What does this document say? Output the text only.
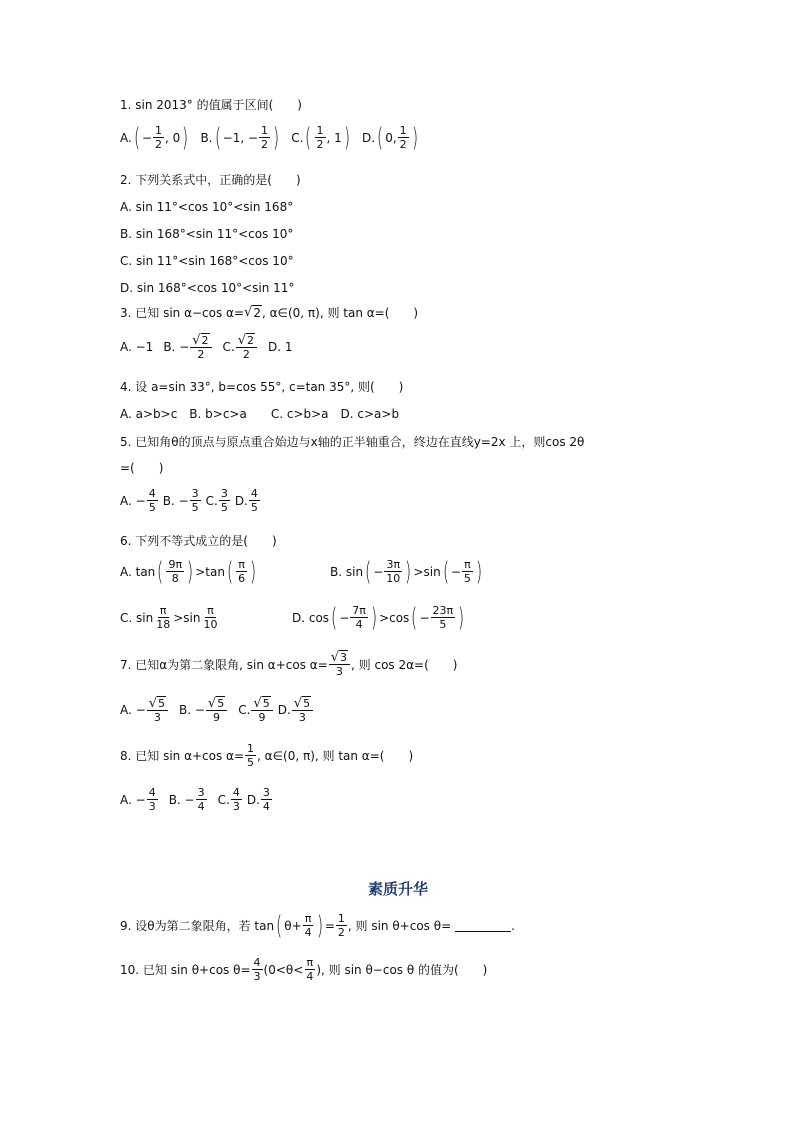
1. sin 2013° 的值属于区间(　　)
A. ( − $\frac{1}{2}$ , 0 ) B. ( −1, − $\frac{1}{2}$ ) C. ( $\frac{1}{2}$ , 1 ) D. ( 0, $\frac{1}{2}$ )
2. 下列关系式中，正确的是(　　)
A. sin 11°<cos 10°<sin 168°
B. sin 168°<sin 11°<cos 10°
C. sin 11°<sin 168°<cos 10°
D. sin 168°<cos 10°<sin 11°
3. 已知 sin α−cos α= √ 2 , α∈(0, π), 则 tan α=(　　)
A. −1 B. − $\frac{√2}{2} C$. $\frac{√2}{2} D$. 1
4. 设 a=sin 33°, b=cos 55°, c=tan 35°, 则(　　)
A. a>b>c　B. b>c>a　　C. c>b>a　D. c>a>b
5. 已知角θ的顶点与原点重合始边与x轴的正半轴重合，终边在直线y=2x 上，则cos 2θ
=(　　)
A. − $\frac{4}{5} B$. − $\frac{3}{5} C$. $\frac{3}{5} D$. $\frac{4}{5}$
6. 下列不等式成立的是(　　)
A. tan ( $\frac{9\pi}{8}$ ) >tan ( $\frac{\pi}{6}$ )	B. sin ( − $\frac{3\pi}{10}$ ) >sin ( − $\frac{\pi}{5}$ )
C. $\sin \frac{\pi}{18} >\sin \frac{\pi}{10}$	D. cos ( − $\frac{7\pi}{4}$ ) >cos ( − $\frac{23\pi}{5}$ )
7. 已知α为第二象限角, sin α+cos $\alpha= \frac{√3}{3}$ , 则 cos 2α=(　　)
A. − $\frac{√5}{3} B$. − $\frac{√5}{9} C$. $\frac{√5}{9} D$. $\frac{√5}{3}$
8. 已知 sin α+cos $\alpha= \frac{1}{5}$ , α∈(0, π), 则 tan α=(　　)
A. − $\frac{4}{3} B$. − $\frac{3}{4} C$. $\frac{4}{3} D$. $\frac{3}{4}$
素质升华
9. 设θ为第二象限角，若 tan ( $\theta+ \frac{\pi}{4}$ ) = $\frac{1}{2}$ , 则 sin θ+cos θ=	.
10. 已知 sin θ+cos $\theta= \frac{4}{3} (0<\theta< \frac{\pi}{4}$ ), 则 sin θ−cos θ 的值为(　　)
